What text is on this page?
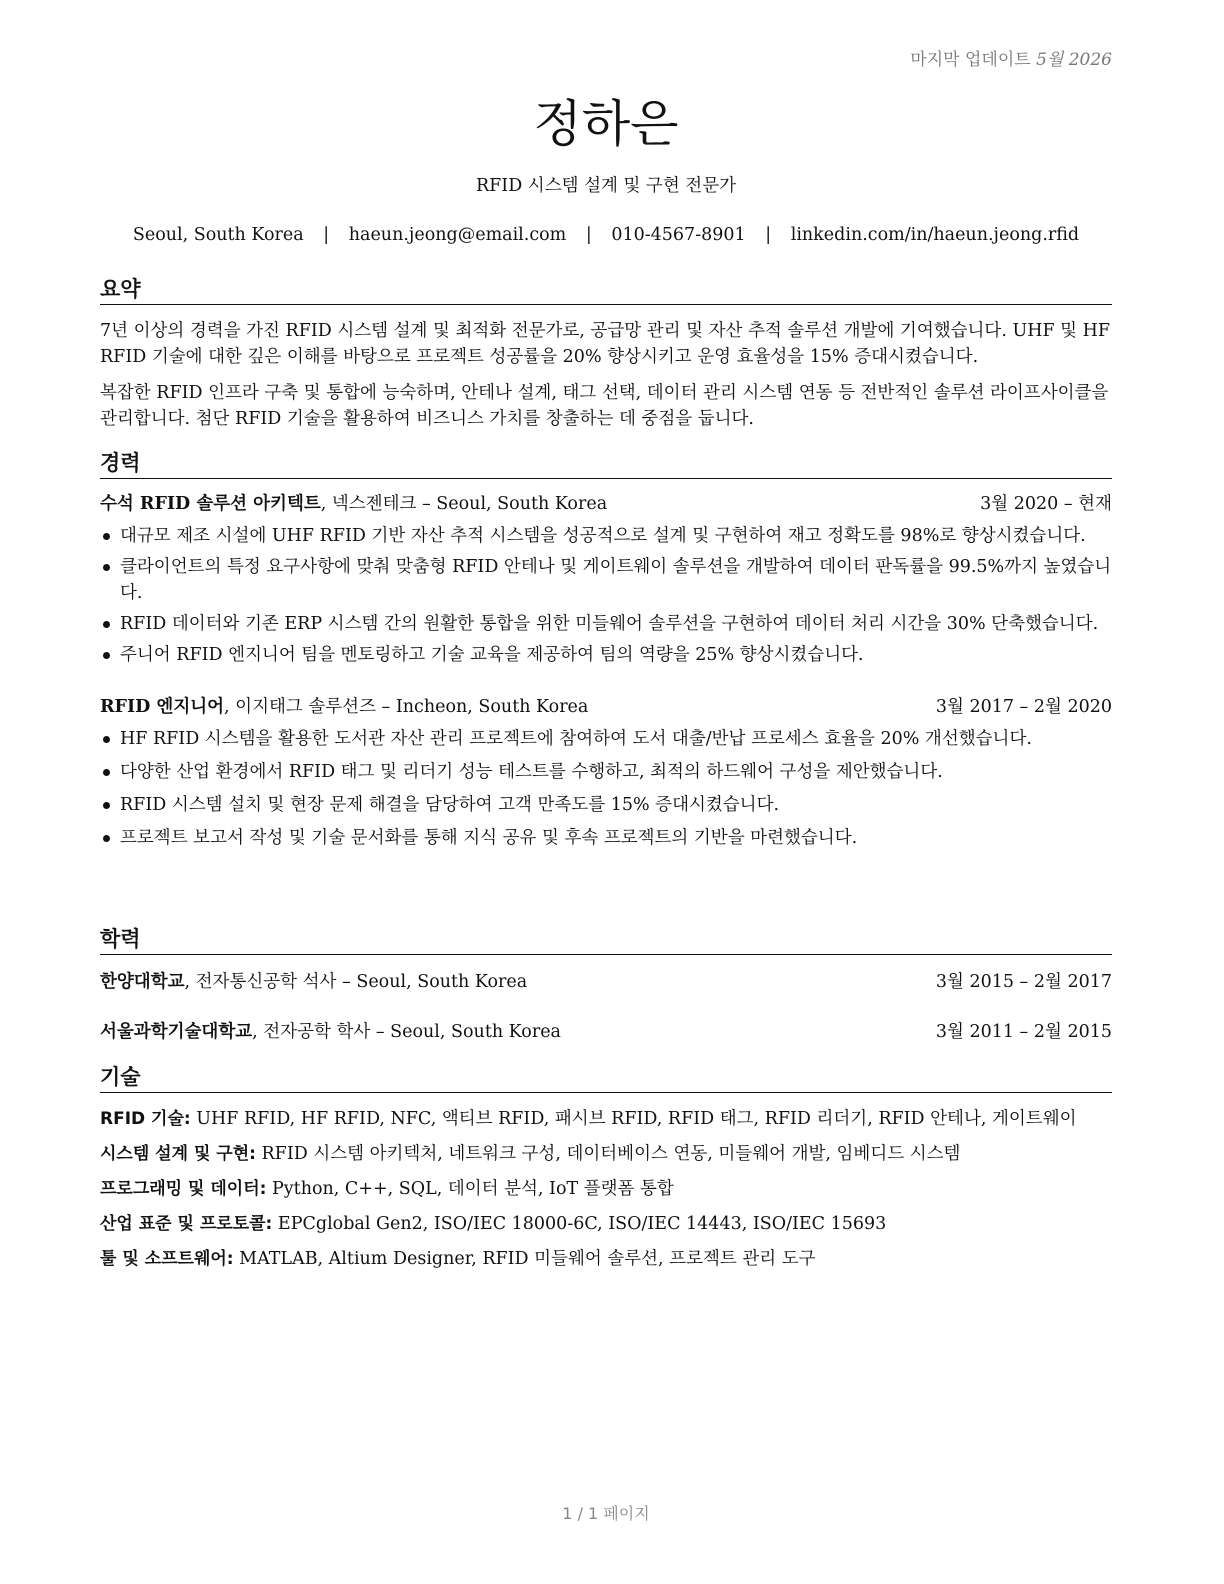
마지막 업데이트 5월 2026
정하은
RFID 시스템 설계 및 구현 전문가
Seoul, South Korea | haeun.jeong@email.com | 010-4567-8901 | linkedin.com/in/haeun.jeong.rfid
요약

7년 이상의 경력을 가진 RFID 시스템 설계 및 최적화 전문가로, 공급망 관리 및 자산 추적 솔루션 개발에 기여했습니다. UHF 및 HF RFID 기술에 대한 깊은 이해를 바탕으로 프로젝트 성공률을 20% 향상시키고 운영 효율성을 15% 증대시켰습니다.

복잡한 RFID 인프라 구축 및 통합에 능숙하며, 안테나 설계, 태그 선택, 데이터 관리 시스템 연동 등 전반적인 솔루션 라이프사이클을 관리합니다. 첨단 RFID 기술을 활용하여 비즈니스 가치를 창출하는 데 중점을 둡니다.

경력
수석 RFID 솔루션 아키텍트, 넥스젠테크 – Seoul, South Korea	3월 2020 – 현재
대규모 제조 시설에 UHF RFID 기반 자산 추적 시스템을 성공적으로 설계 및 구현하여 재고 정확도를 98%로 향상시켰습니다.
클라이언트의 특정 요구사항에 맞춰 맞춤형 RFID 안테나 및 게이트웨이 솔루션을 개발하여 데이터 판독률을 99.5%까지 높였습니다.
RFID 데이터와 기존 ERP 시스템 간의 원활한 통합을 위한 미들웨어 솔루션을 구현하여 데이터 처리 시간을 30% 단축했습니다.
주니어 RFID 엔지니어 팀을 멘토링하고 기술 교육을 제공하여 팀의 역량을 25% 향상시켰습니다.
RFID 엔지니어, 이지태그 솔루션즈 – Incheon, South Korea	3월 2017 – 2월 2020
HF RFID 시스템을 활용한 도서관 자산 관리 프로젝트에 참여하여 도서 대출/반납 프로세스 효율을 20% 개선했습니다.
다양한 산업 환경에서 RFID 태그 및 리더기 성능 테스트를 수행하고, 최적의 하드웨어 구성을 제안했습니다.
RFID 시스템 설치 및 현장 문제 해결을 담당하여 고객 만족도를 15% 증대시켰습니다.
프로젝트 보고서 작성 및 기술 문서화를 통해 지식 공유 및 후속 프로젝트의 기반을 마련했습니다.
학력
한양대학교, 전자통신공학 석사 – Seoul, South Korea	3월 2015 – 2월 2017
서울과학기술대학교, 전자공학 학사 – Seoul, South Korea	3월 2011 – 2월 2015
기술
RFID 기술: UHF RFID, HF RFID, NFC, 액티브 RFID, 패시브 RFID, RFID 태그, RFID 리더기, RFID 안테나, 게이트웨이
시스템 설계 및 구현: RFID 시스템 아키텍처, 네트워크 구성, 데이터베이스 연동, 미들웨어 개발, 임베디드 시스템
프로그래밍 및 데이터: Python, C++, SQL, 데이터 분석, IoT 플랫폼 통합
산업 표준 및 프로토콜: EPCglobal Gen2, ISO/IEC 18000-6C, ISO/IEC 14443, ISO/IEC 15693
툴 및 소프트웨어: MATLAB, Altium Designer, RFID 미들웨어 솔루션, 프로젝트 관리 도구
1 / 1 페이지
